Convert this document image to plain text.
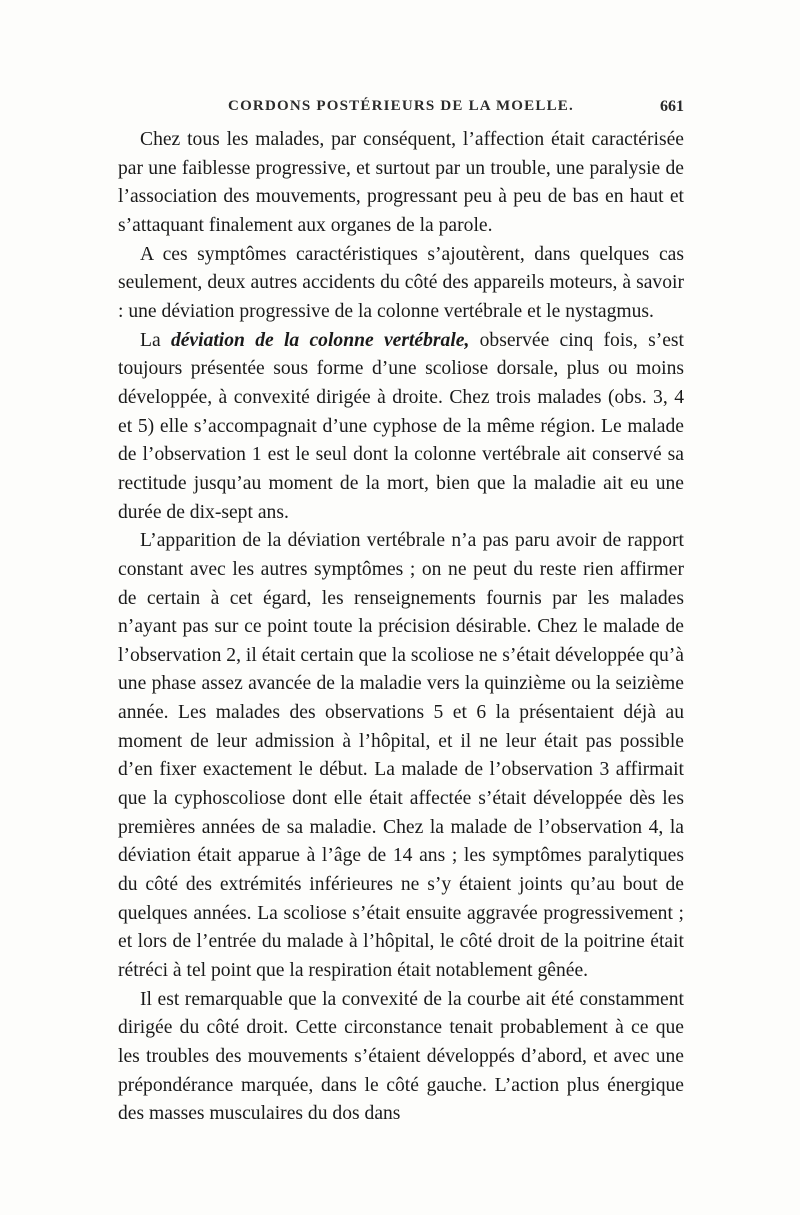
CORDONS POSTÉRIEURS DE LA MOELLE.	661

Chez tous les malades, par conséquent, l’affection était caractérisée par une faiblesse progressive, et surtout par un trouble, une paralysie de l’association des mouvements, progressant peu à peu de bas en haut et s’attaquant finalement aux organes de la parole.

A ces symptômes caractéristiques s’ajoutèrent, dans quelques cas seulement, deux autres accidents du côté des appareils moteurs, à savoir : une déviation progressive de la colonne vertébrale et le nystagmus.

La déviation de la colonne vertébrale, observée cinq fois, s’est toujours présentée sous forme d’une scoliose dorsale, plus ou moins développée, à convexité dirigée à droite. Chez trois malades (obs. 3, 4 et 5) elle s’accompagnait d’une cyphose de la même région. Le malade de l’observation 1 est le seul dont la colonne vertébrale ait conservé sa rectitude jusqu’au moment de la mort, bien que la maladie ait eu une durée de dix-sept ans.

L’apparition de la déviation vertébrale n’a pas paru avoir de rapport constant avec les autres symptômes ; on ne peut du reste rien affirmer de certain à cet égard, les renseignements fournis par les malades n’ayant pas sur ce point toute la précision désirable. Chez le malade de l’observation 2, il était certain que la scoliose ne s’était développée qu’à une phase assez avancée de la maladie vers la quinzième ou la seizième année. Les malades des observations 5 et 6 la présentaient déjà au moment de leur admission à l’hôpital, et il ne leur était pas possible d’en fixer exactement le début. La malade de l’observation 3 affirmait que la cyphoscoliose dont elle était affectée s’était développée dès les premières années de sa maladie. Chez la malade de l’observation 4, la déviation était apparue à l’âge de 14 ans ; les symptômes paralytiques du côté des extrémités inférieures ne s’y étaient joints qu’au bout de quelques années. La scoliose s’était ensuite aggravée progressivement ; et lors de l’entrée du malade à l’hôpital, le côté droit de la poitrine était rétréci à tel point que la respiration était notablement gênée.

Il est remarquable que la convexité de la courbe ait été constamment dirigée du côté droit. Cette circonstance tenait probablement à ce que les troubles des mouvements s’étaient développés d’abord, et avec une prépondérance marquée, dans le côté gauche. L’action plus énergique des masses musculaires du dos dans
